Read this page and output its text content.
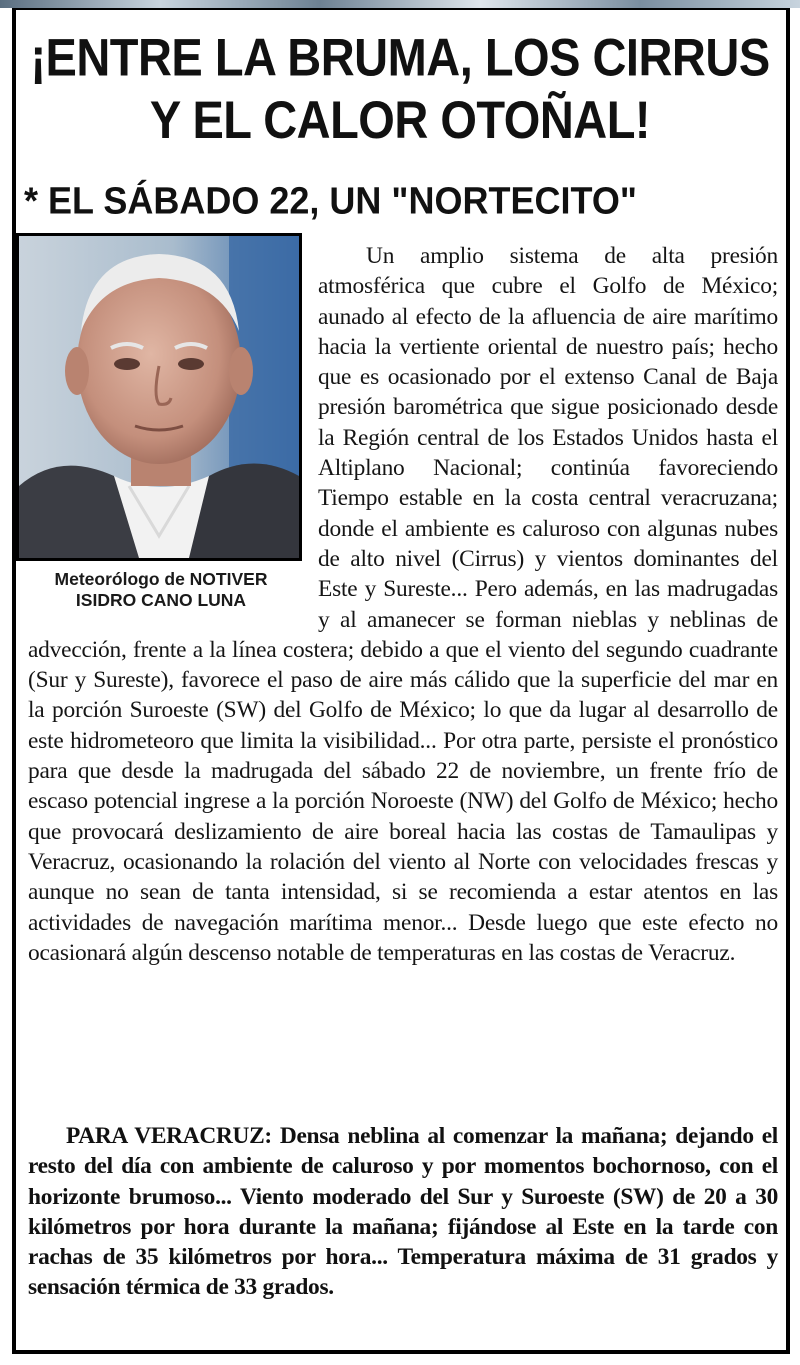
¡ENTRE LA BRUMA, LOS CIRRUS Y EL CALOR OTOÑAL!
* EL SÁBADO 22, UN "NORTECITO"
Meteorólogo de NOTIVER
ISIDRO CANO LUNA

Un amplio sistema de alta presión atmosférica que cubre el Golfo de México; aunado al efecto de la afluencia de aire marítimo hacia la vertiente oriental de nuestro país; hecho que es ocasionado por el extenso Canal de Baja presión barométrica que sigue posicionado desde la Región central de los Estados Unidos hasta el Altiplano Nacional; continúa favoreciendo Tiempo estable en la costa central veracruzana; donde el ambiente es caluroso con algunas nubes de alto nivel (Cirrus) y vientos dominantes del Este y Sureste... Pero además, en las madrugadas y al amanecer se forman nieblas y neblinas de advección, frente a la línea costera; debido a que el viento del segundo cuadrante (Sur y Sureste), favorece el paso de aire más cálido que la superficie del mar en la porción Suroeste (SW) del Golfo de México; lo que da lugar al desarrollo de este hidrometeoro que limita la visibilidad... Por otra parte, persiste el pronóstico para que desde la madrugada del sábado 22 de noviembre, un frente frío de escaso potencial ingrese a la porción Noroeste (NW) del Golfo de México; hecho que provocará deslizamiento de aire boreal hacia las costas de Tamaulipas y Veracruz, ocasionando la rolación del viento al Norte con velocidades frescas y aunque no sean de tanta intensidad, si se recomienda a estar atentos en las actividades de navegación marítima menor... Desde luego que este efecto no ocasionará algún descenso notable de temperaturas en las costas de Veracruz.

PARA VERACRUZ: Densa neblina al comenzar la mañana; dejando el resto del día con ambiente de caluroso y por momentos bochornoso, con el horizonte brumoso... Viento moderado del Sur y Suroeste (SW) de 20 a 30 kilómetros por hora durante la mañana; fijándose al Este en la tarde con rachas de 35 kilómetros por hora... Temperatura máxima de 31 grados y sensación térmica de 33 grados.
